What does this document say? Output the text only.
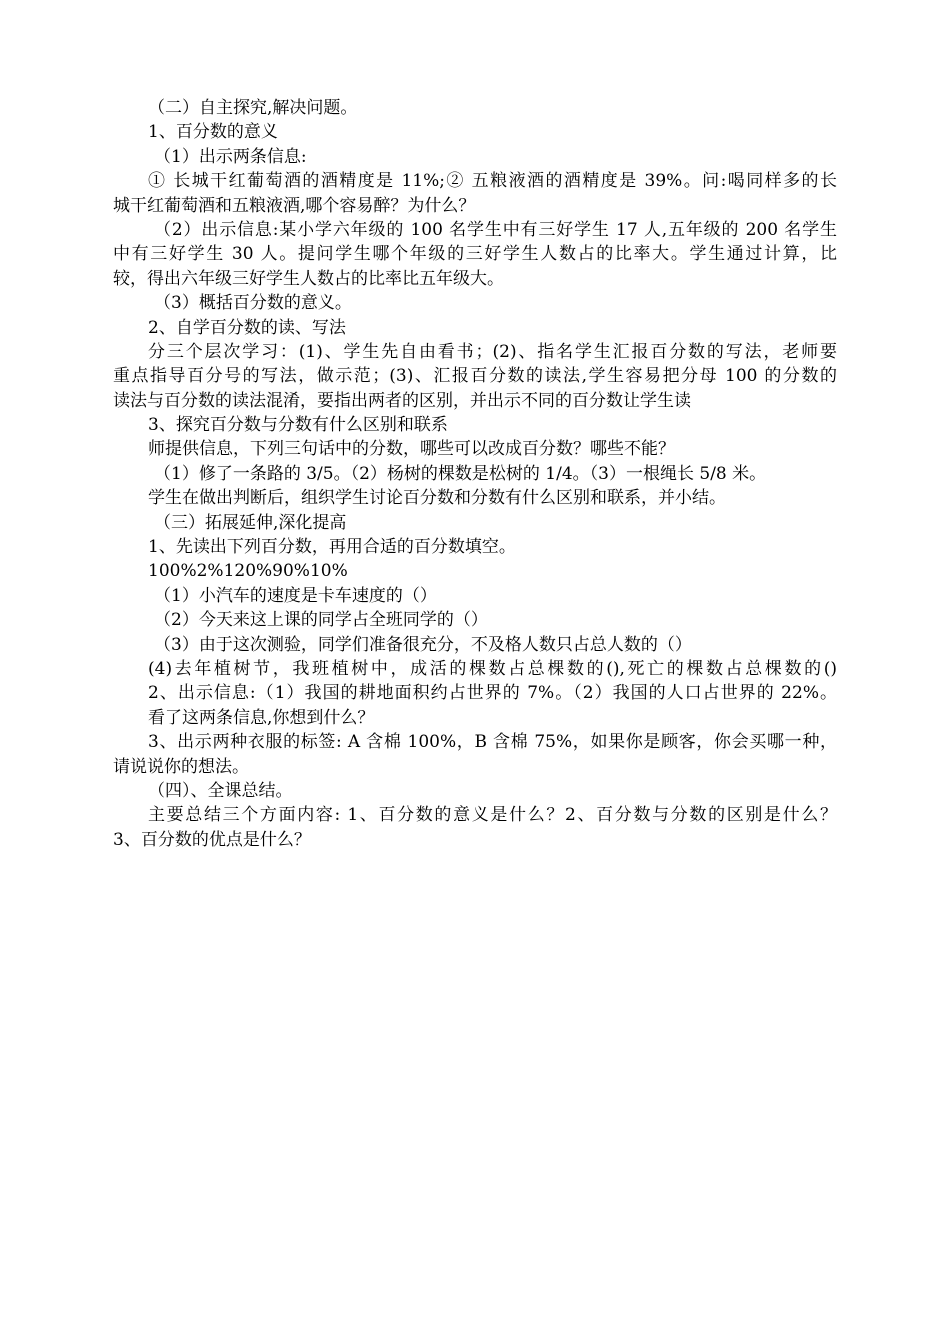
（二）自主探究,解决问题。
1、百分数的意义
（1）出示两条信息:
① 长城干红葡萄酒的酒精度是 11%;② 五粮液酒的酒精度是 39%。问:喝同样多的长
城干红葡萄酒和五粮液酒,哪个容易醉？为什么？
（2）出示信息:某小学六年级的 100 名学生中有三好学生 17 人,五年级的 200 名学生
中有三好学生 30 人。提问学生哪个年级的三好学生人数占的比率大。学生通过计算，比
较，得出六年级三好学生人数占的比率比五年级大。
（3）概括百分数的意义。
2、自学百分数的读、写法
分三个层次学习：(1)、学生先自由看书；(2)、指名学生汇报百分数的写法，老师要
重点指导百分号的写法，做示范；(3)、汇报百分数的读法,学生容易把分母 100 的分数的
读法与百分数的读法混淆，要指出两者的区别，并出示不同的百分数让学生读
3、探究百分数与分数有什么区别和联系
师提供信息，下列三句话中的分数，哪些可以改成百分数？哪些不能？
（1）修了一条路的 3/5。（2）杨树的棵数是松树的 1/4。（3）一根绳长 5/8 米。
学生在做出判断后，组织学生讨论百分数和分数有什么区别和联系，并小结。
（三）拓展延伸,深化提高
1、先读出下列百分数，再用合适的百分数填空。
100%2%120%90%10%
（1）小汽车的速度是卡车速度的（）
（2）今天来这上课的同学占全班同学的（）
（3）由于这次测验，同学们准备很充分，不及格人数只占总人数的（）
(4)去年植树节，我班植树中，成活的棵数占总棵数的(),死亡的棵数占总棵数的()
2、出示信息:（1）我国的耕地面积约占世界的 7%。（2）我国的人口占世界的 22%。
看了这两条信息,你想到什么？
3、出示两种衣服的标签: A 含棉 100%，B 含棉 75%，如果你是顾客，你会买哪一种，
请说说你的想法。
（四）、全课总结。
主要总结三个方面内容: 1、百分数的意义是什么？2、百分数与分数的区别是什么？
3、百分数的优点是什么？
